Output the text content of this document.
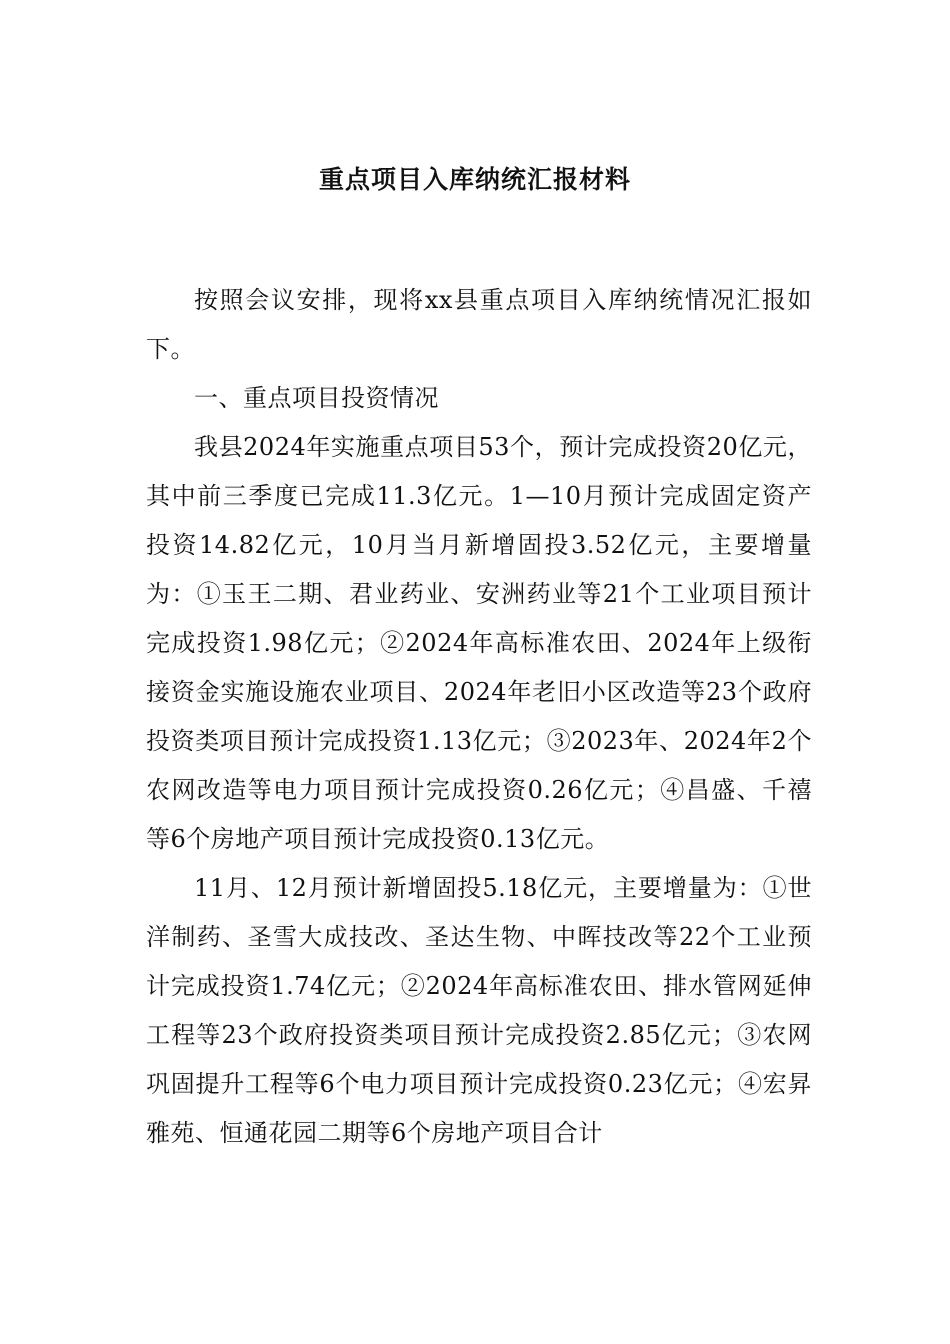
重点项目入库纳统汇报材料

按照会议安排，现将xx县重点项目入库纳统情况汇报如下。

一、重点项目投资情况

我县2024年实施重点项目53个，预计完成投资20亿元，其中前三季度已完成11.3亿元。1—10月预计完成固定资产投资14.82亿元，10月当月新增固投3.52亿元，主要增量为：①玉王二期、君业药业、安洲药业等21个工业项目预计完成投资1.98亿元；②2024年高标准农田、2024年上级衔接资金实施设施农业项目、2024年老旧小区改造等23个政府投资类项目预计完成投资1.13亿元；③2023年、2024年2个农网改造等电力项目预计完成投资0.26亿元；④昌盛、千禧等6个房地产项目预计完成投资0.13亿元。

11月、12月预计新增固投5.18亿元，主要增量为：①世洋制药、圣雪大成技改、圣达生物、中晖技改等22个工业预计完成投资1.74亿元；②2024年高标准农田、排水管网延伸工程等23个政府投资类项目预计完成投资2.85亿元；③农网巩固提升工程等6个电力项目预计完成投资0.23亿元；④宏昇雅苑、恒通花园二期等6个房地产项目合计
